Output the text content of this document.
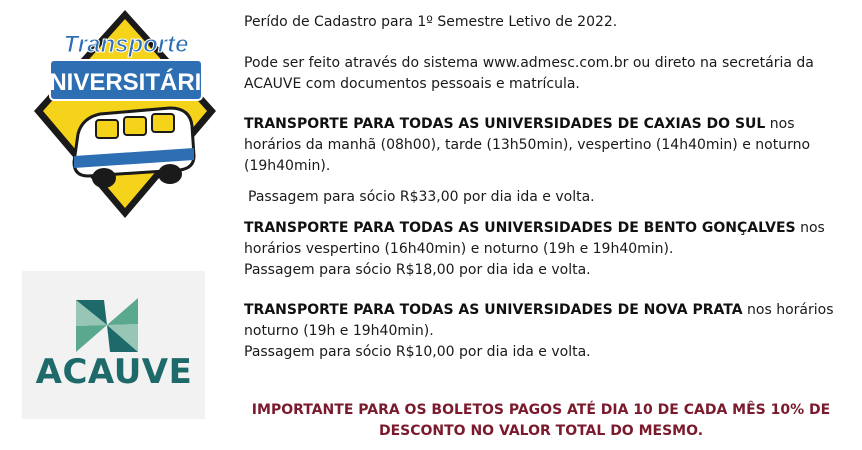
Transporte
UNIVERSITÁRIO
ACAUVE

Perído de Cadastro para 1º Semestre Letivo de 2022.

Pode ser feito através do sistema www.admesc.com.br ou direto na secretária da ACAUVE com documentos pessoais e matrícula.

TRANSPORTE PARA TODAS AS UNIVERSIDADES DE CAXIAS DO SUL nos horários da manhã (08h00), tarde (13h50min), vespertino (14h40min) e noturno (19h40min).

Passagem para sócio R$33,00 por dia ida e volta.

TRANSPORTE PARA TODAS AS UNIVERSIDADES DE BENTO GONÇALVES nos horários vespertino (16h40min) e noturno (19h e 19h40min).

Passagem para sócio R$18,00 por dia ida e volta.

TRANSPORTE PARA TODAS AS UNIVERSIDADES DE NOVA PRATA nos horários noturno (19h e 19h40min).

Passagem para sócio R$10,00 por dia ida e volta.

IMPORTANTE PARA OS BOLETOS PAGOS ATÉ DIA 10 DE CADA MÊS 10% DE DESCONTO NO VALOR TOTAL DO MESMO.
